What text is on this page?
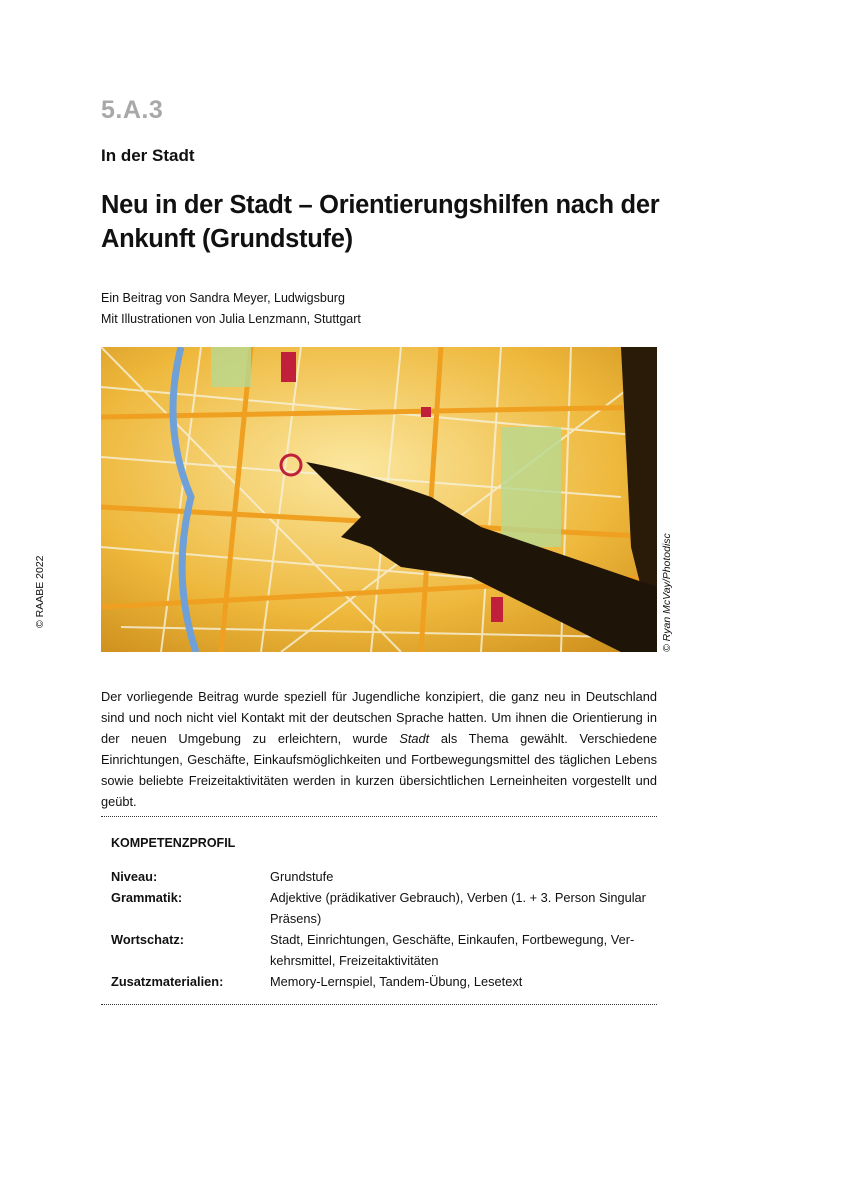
5.A.3
In der Stadt
Neu in der Stadt – Orientierungshilfen nach der Ankunft (Grundstufe)
Ein Beitrag von Sandra Meyer, Ludwigsburg
Mit Illustrationen von Julia Lenzmann, Stuttgart
© Ryan McVay/Photodisc
© RAABE 2022
Der vorliegende Beitrag wurde speziell für Jugendliche konzipiert, die ganz neu in Deutschland sind und noch nicht viel Kontakt mit der deutschen Sprache hatten. Um ihnen die Orientierung in der neuen Umgebung zu erleichtern, wurde Stadt als Thema gewählt. Verschiedene Einrichtungen, Geschäfte, Einkaufsmöglichkeiten und Fortbewegungsmittel des täglichen Lebens sowie beliebte Freizeitaktivitäten werden in kurzen übersichtlichen Lerneinheiten vorgestellt und geübt.
KOMPETENZPROFIL
Niveau:	Grundstufe
Grammatik:	Adjektive (prädikativer Gebrauch), Verben (1. + 3. Person Singular Präsens)
Wortschatz:	Stadt, Einrichtungen, Geschäfte, Einkaufen, Fortbewegung, Ver-kehrsmittel, Freizeitaktivitäten
Zusatzmaterialien:	Memory-Lernspiel, Tandem-Übung, Lesetext
